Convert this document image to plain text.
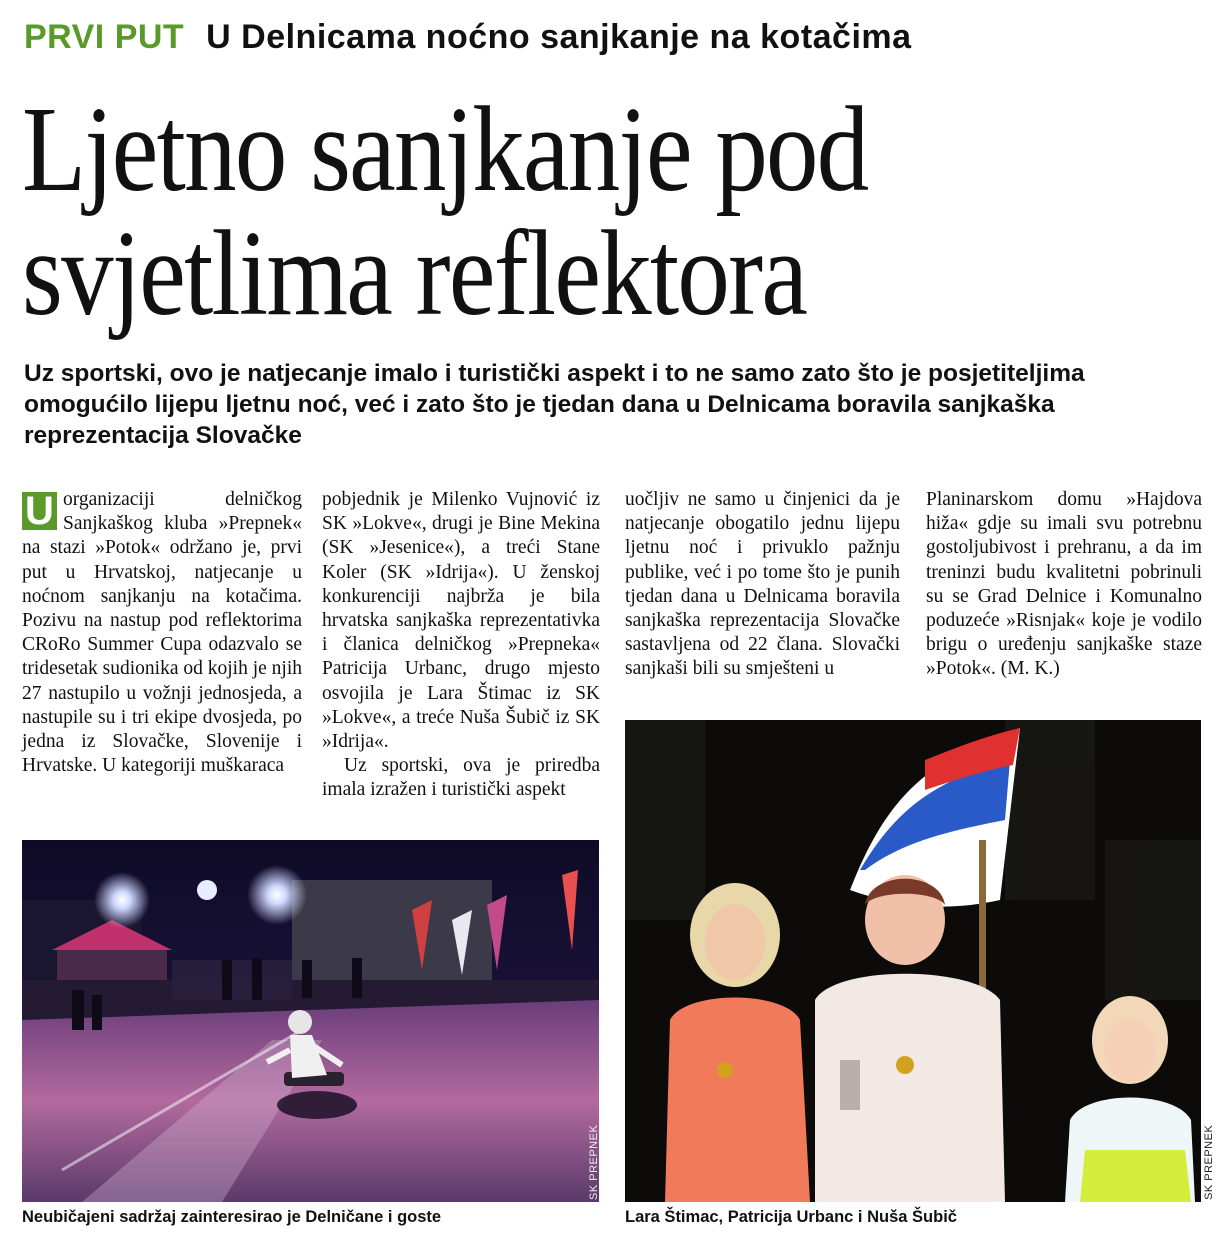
PRVI PUT U Delnicama noćno sanjkanje na kotačima
Ljetno sanjkanje pod
svjetlima reflektora

Uz sportski, ovo je natjecanje imalo i turistički aspekt i to ne samo zato što je posjetiteljima omogućilo lijepu ljetnu noć, već i zato što je tjedan dana u Delnicama boravila sanjkaška reprezentacija Slovačke

U organizaciji delničkog Sanjkaškog kluba »Prepnek« na stazi »Potok« održano je, prvi put u Hrvatskoj, natjecanje u noćnom sanjkanju na kotačima. Pozivu na nastup pod reflektorima CRoRo Summer Cupa odazvalo se tridesetak sudionika od kojih je njih 27 nastupilo u vožnji jednosjeda, a nastupile su i tri ekipe dvosjeda, po jedna iz Slovačke, Slovenije i Hrvatske. U kategoriji muškaraca

pobjednik je Milenko Vujnović iz SK »Lokve«, drugi je Bine Mekina (SK »Jesenice«), a treći Stane Koler (SK »Idrija«). U ženskoj konkurenciji najbrža je bila hrvatska sanjkaška reprezentativka i članica delničkog »Prepneka« Patricija Urbanc, drugo mjesto osvojila je Lara Štimac iz SK »Lokve«, a treće Nuša Šubič iz SK »Idrija«.

Uz sportski, ova je priredba imala izražen i turistički aspekt

uočljiv ne samo u činjenici da je natjecanje obogatilo jednu lijepu ljetnu noć i privuklo pažnju publike, već i po tome što je punih tjedan dana u Delnicama boravila sanjkaška reprezentacija Slovačke sastavljena od 22 člana. Slovački sanjkaši bili su smješteni u

Planinarskom domu »Hajdova hiža« gdje su imali svu potrebnu gostoljubivost i prehranu, a da im treninzi budu kvalitetni pobrinuli su se Grad Delnice i Komunalno poduzeće »Risnjak« koje je vodilo brigu o uređenju sanjkaške staze »Potok«. (M. K.)

SK PREPNEK	SK PREPNEK
Neubičajeni sadržaj zainteresirao je Delničane i goste	Lara Štimac, Patricija Urbanc i Nuša Šubič
